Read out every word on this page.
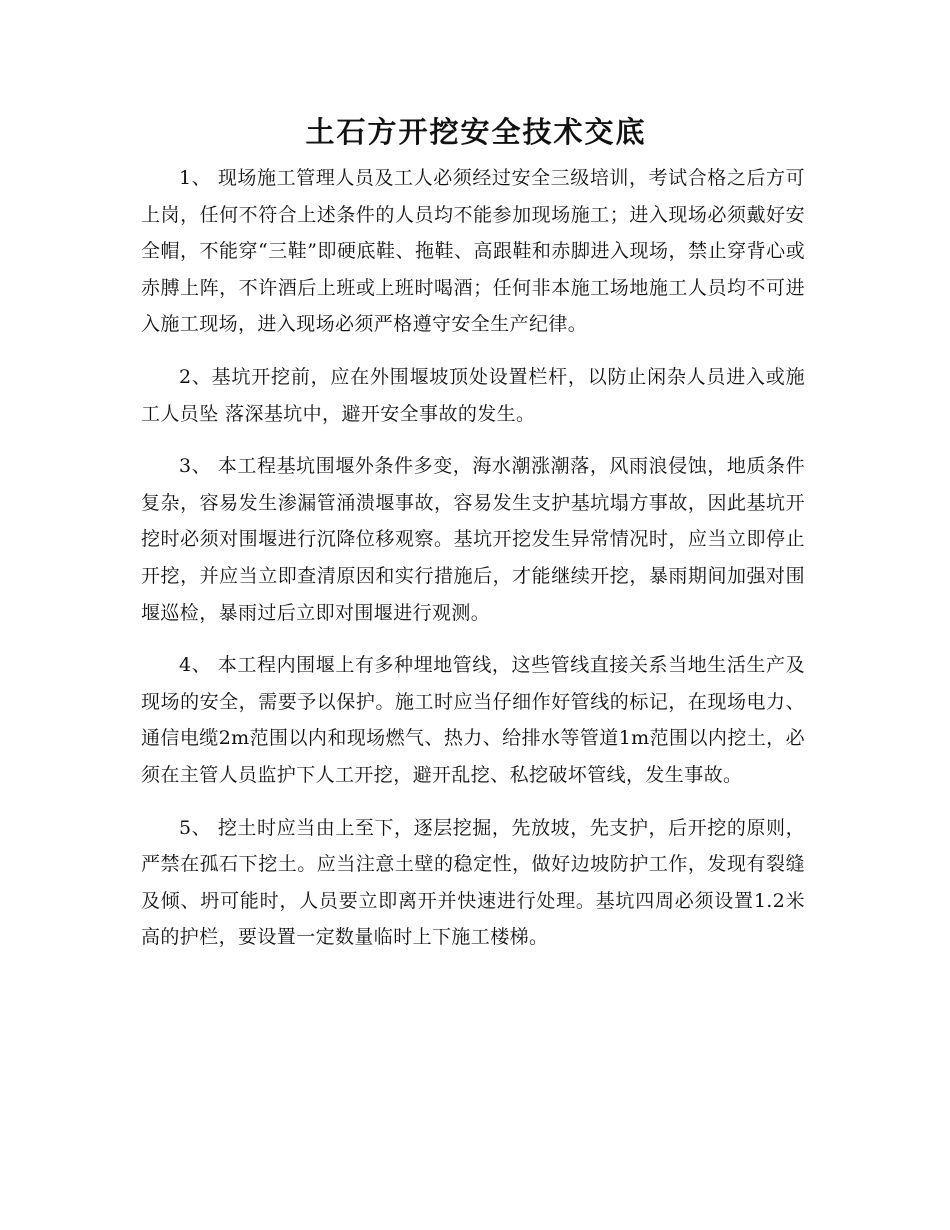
土石方开挖安全技术交底

1、 现场施工管理人员及工人必须经过安全三级培训，考试合格之后方可上岗，任何不符合上述条件的人员均不能参加现场施工；进入现场必须戴好安全帽，不能穿“三鞋”即硬底鞋、拖鞋、高跟鞋和赤脚进入现场，禁止穿背心或赤膊上阵，不许酒后上班或上班时喝酒；任何非本施工场地施工人员均不可进入施工现场，进入现场必须严格遵守安全生产纪律。

2、基坑开挖前，应在外围堰坡顶处设置栏杆，以防止闲杂人员进入或施工人员坠 落深基坑中，避开安全事故的发生。

3、 本工程基坑围堰外条件多变，海水潮涨潮落，风雨浪侵蚀，地质条件复杂，容易发生渗漏管涌溃堰事故，容易发生支护基坑塌方事故，因此基坑开挖时必须对围堰进行沉降位移观察。基坑开挖发生异常情况时，应当立即停止开挖，并应当立即查清原因和实行措施后，才能继续开挖，暴雨期间加强对围堰巡检，暴雨过后立即对围堰进行观测。

4、 本工程内围堰上有多种埋地管线，这些管线直接关系当地生活生产及现场的安全，需要予以保护。施工时应当仔细作好管线的标记，在现场电力、通信电缆2m范围以内和现场燃气、热力、给排水等管道1m范围以内挖土，必须在主管人员监护下人工开挖，避开乱挖、私挖破坏管线，发生事故。

5、 挖土时应当由上至下，逐层挖掘，先放坡，先支护，后开挖的原则，严禁在孤石下挖土。应当注意土壁的稳定性，做好边坡防护工作，发现有裂缝及倾、坍可能时，人员要立即离开并快速进行处理。基坑四周必须设置1.2米高的护栏，要设置一定数量临时上下施工楼梯。
